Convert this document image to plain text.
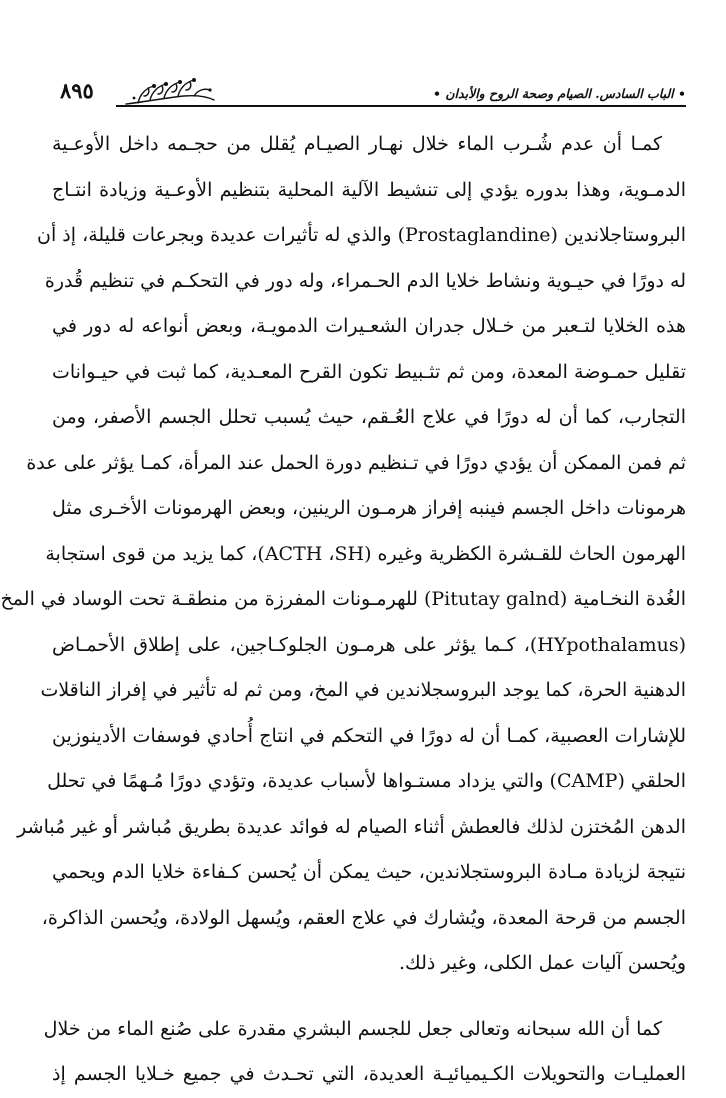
٨٩٥	• الباب السادس. الصيام وصحة الروح والأبدان •
كمـا أن عدم شُـرب الماء خلال نهـار الصيـام يُقلل من حجـمه داخل الأوعـية
الدمـوية، وهذا بدوره يؤدي إلى تنشيط الآلية المحلية بتنظيم الأوعـية وزيادة انتـاج
البروستاجلاندين (Prostaglandine) والذي له تأثيرات عديدة وبجرعات قليلة، إذ أن
له دورًا في حيـوية ونشاط خلايا الدم الحـمراء، وله دور في التحكـم في تنظيم قُدرة
هذه الخلايا لتـعبر من خـلال جدران الشعـيرات الدمويـة، وبعض أنواعه له دور في
تقليل حمـوضة المعدة، ومن ثم تثـبيط تكون القرح المعـدية، كما ثبت في حيـوانات
التجارب، كما أن له دورًا في علاج العُـقم، حيث يُسبب تحلل الجسم الأصفر، ومن
ثم فمن الممكن أن يؤدي دورًا في تـنظيم دورة الحمل عند المرأة، كمـا يؤثر على عدة
هرمونات داخل الجسم فينبه إفراز هرمـون الرينين، وبعض الهرمونات الأخـرى مثل
الهرمون الحاث للقـشرة الكظرية وغيره (ACTH ،SH)، كما يزيد من قوى استجابة
الغُدة النخـامية (Pitutay galnd) للهرمـونات المفرزة من منطقـة تحت الوساد في المخ
(HYpothalamus)، كـما يؤثر على هرمـون الجلوكـاجين، على إطلاق الأحمـاض
الدهنية الحرة، كما يوجد البروسجلاندين في المخ، ومن ثم له تأثير في إفراز الناقلات
للإشارات العصبية، كمـا أن له دورًا في التحكم في انتاج أُحادي فوسفات الأدينوزين
الحلقي (CAMP) والتي يزداد مستـواها لأسباب عديدة، وتؤدي دورًا مُـهمًا في تحلل
الدهن المُختزن لذلك فالعطش أثناء الصيام له فوائد عديدة بطريق مُباشر أو غير مُباشر
نتيجة لزيادة مـادة البروستجلاندين، حيث يمكن أن يُحسن كـفاءة خلايا الدم ويحمي
الجسم من قرحة المعدة، ويُشارك في علاج العقم، ويُسهل الولادة، ويُحسن الذاكرة،
ويُحسن آليات عمل الكلى، وغير ذلك.
كما أن الله سبحانه وتعالى جعل للجسم البشري مقدرة على صُنع الماء من خلال
العمليـات والتحويلات الكـيميائيـة العديدة، التي تحـدث في جميع خـلايا الجسم إذ
